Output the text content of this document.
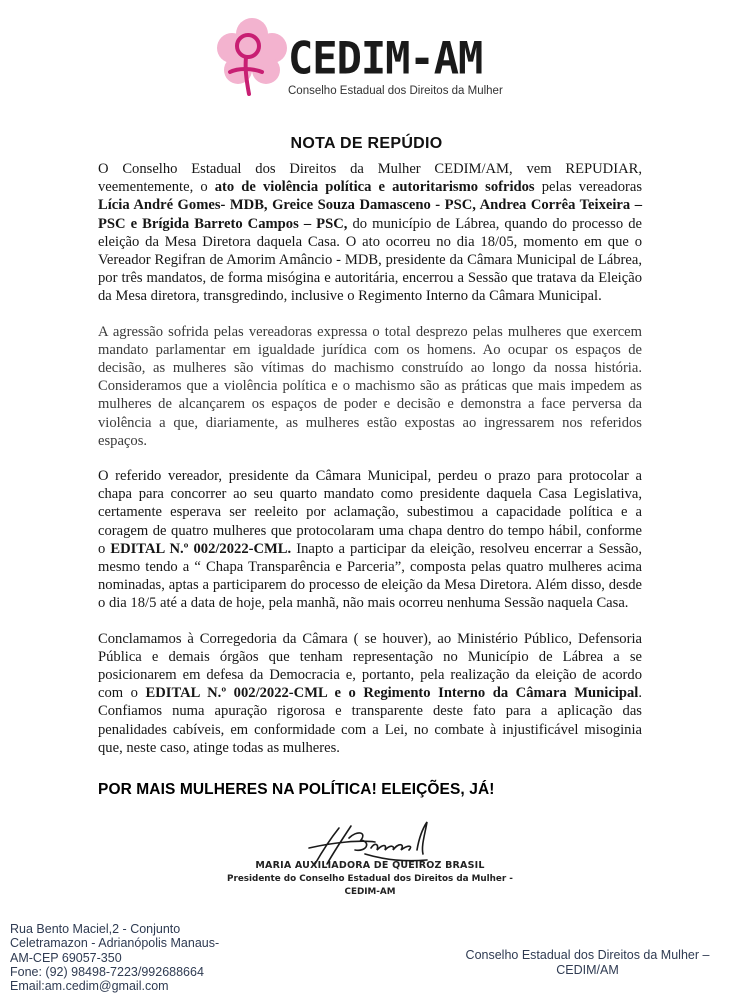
CEDIM-AM
Conselho Estadual dos Direitos da Mulher
NOTA DE REPÚDIO

O Conselho Estadual dos Direitos da Mulher CEDIM/AM, vem REPUDIAR, veementemente, o ato de violência política e autoritarismo sofridos pelas vereadoras Lícia André Gomes- MDB, Greice Souza Damasceno - PSC, Andrea Corrêa Teixeira – PSC e Brígida Barreto Campos – PSC, do município de Lábrea, quando do processo de eleição da Mesa Diretora daquela Casa. O ato ocorreu no dia 18/05, momento em que o Vereador Regifran de Amorim Amâncio - MDB, presidente da Câmara Municipal de Lábrea, por três mandatos, de forma misógina e autoritária, encerrou a Sessão que tratava da Eleição da Mesa diretora, transgredindo, inclusive o Regimento Interno da Câmara Municipal.

A agressão sofrida pelas vereadoras expressa o total desprezo pelas mulheres que exercem mandato parlamentar em igualdade jurídica com os homens. Ao ocupar os espaços de decisão, as mulheres são vítimas do machismo construído ao longo da nossa história. Consideramos que a violência política e o machismo são as práticas que mais impedem as mulheres de alcançarem os espaços de poder e decisão e demonstra a face perversa da violência a que, diariamente, as mulheres estão expostas ao ingressarem nos referidos espaços.

O referido vereador, presidente da Câmara Municipal, perdeu o prazo para protocolar a chapa para concorrer ao seu quarto mandato como presidente daquela Casa Legislativa, certamente esperava ser reeleito por aclamação, subestimou a capacidade política e a coragem de quatro mulheres que protocolaram uma chapa dentro do tempo hábil, conforme o EDITAL N.º 002/2022-CML. Inapto a participar da eleição, resolveu encerrar a Sessão, mesmo tendo a “ Chapa Transparência e Parceria”, composta pelas quatro mulheres acima nominadas, aptas a participarem do processo de eleição da Mesa Diretora. Além disso, desde o dia 18/5 até a data de hoje, pela manhã, não mais ocorreu nenhuma Sessão naquela Casa.

Conclamamos à Corregedoria da Câmara ( se houver), ao Ministério Público, Defensoria Pública e demais órgãos que tenham representação no Município de Lábrea a se posicionarem em defesa da Democracia e, portanto, pela realização da eleição de acordo com o EDITAL N.º 002/2022-CML e o Regimento Interno da Câmara Municipal. Confiamos numa apuração rigorosa e transparente deste fato para a aplicação das penalidades cabíveis, em conformidade com a Lei, no combate à injustificável misoginia que, neste caso, atinge todas as mulheres.

POR MAIS MULHERES NA POLÍTICA! ELEIÇÕES, JÁ!
MARIA AUXILIADORA DE QUEIROZ BRASIL
Presidente do Conselho Estadual dos Direitos da Mulher -
CEDIM-AM
Rua Bento Maciel,2 - Conjunto
Celetramazon - Adrianópolis Manaus-
AM-CEP 69057-350
Fone: (92) 98498-7223/992688664
Email:am.cedim@gmail.com
Conselho Estadual dos Direitos da Mulher –
CEDIM/AM
